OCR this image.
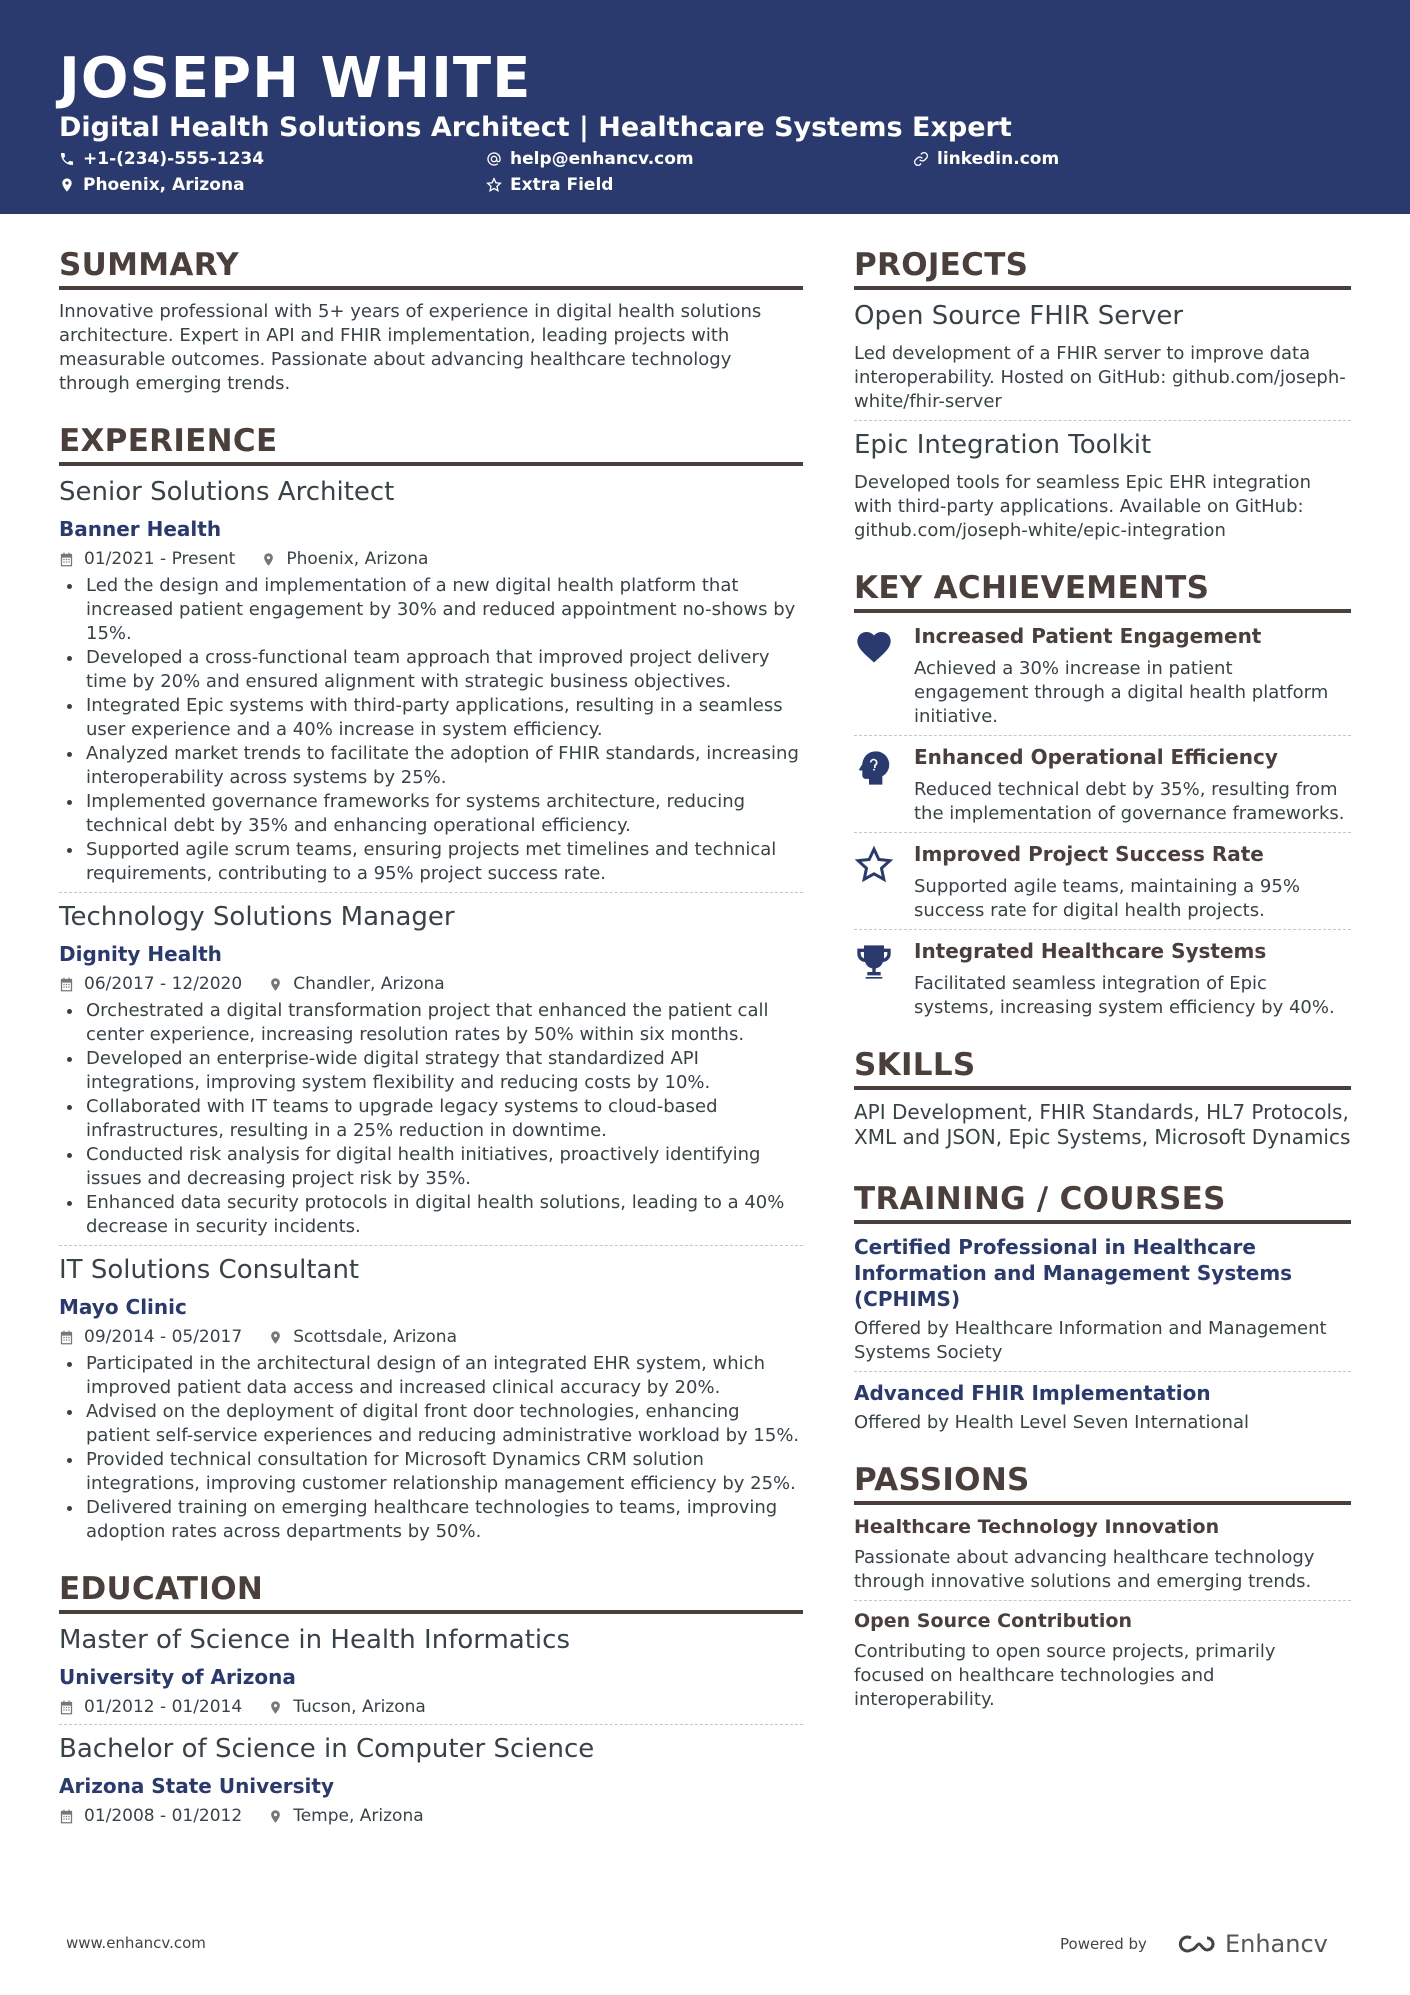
JOSEPH WHITE
Digital Health Solutions Architect | Healthcare Systems Expert
+1-(234)-555-1234	help@enhancv.com	linkedin.com
Phoenix, Arizona	Extra Field
SUMMARY
Innovative professional with 5+ years of experience in digital health solutions architecture. Expert in API and FHIR implementation, leading projects with measurable outcomes. Passionate about advancing healthcare technology through emerging trends.
EXPERIENCE
Senior Solutions Architect
Banner Health
01/2021 - Present	Phoenix, Arizona
Led the design and implementation of a new digital health platform that increased patient engagement by 30% and reduced appointment no-shows by 15%.
Developed a cross-functional team approach that improved project delivery time by 20% and ensured alignment with strategic business objectives.
Integrated Epic systems with third-party applications, resulting in a seamless user experience and a 40% increase in system efficiency.
Analyzed market trends to facilitate the adoption of FHIR standards, increasing interoperability across systems by 25%.
Implemented governance frameworks for systems architecture, reducing technical debt by 35% and enhancing operational efficiency.
Supported agile scrum teams, ensuring projects met timelines and technical requirements, contributing to a 95% project success rate.
Technology Solutions Manager
Dignity Health
06/2017 - 12/2020	Chandler, Arizona
Orchestrated a digital transformation project that enhanced the patient call center experience, increasing resolution rates by 50% within six months.
Developed an enterprise-wide digital strategy that standardized API integrations, improving system flexibility and reducing costs by 10%.
Collaborated with IT teams to upgrade legacy systems to cloud-based infrastructures, resulting in a 25% reduction in downtime.
Conducted risk analysis for digital health initiatives, proactively identifying issues and decreasing project risk by 35%.
Enhanced data security protocols in digital health solutions, leading to a 40% decrease in security incidents.
IT Solutions Consultant
Mayo Clinic
09/2014 - 05/2017	Scottsdale, Arizona
Participated in the architectural design of an integrated EHR system, which improved patient data access and increased clinical accuracy by 20%.
Advised on the deployment of digital front door technologies, enhancing patient self-service experiences and reducing administrative workload by 15%.
Provided technical consultation for Microsoft Dynamics CRM solution integrations, improving customer relationship management efficiency by 25%.
Delivered training on emerging healthcare technologies to teams, improving adoption rates across departments by 50%.
EDUCATION
Master of Science in Health Informatics
University of Arizona
01/2012 - 01/2014	Tucson, Arizona
Bachelor of Science in Computer Science
Arizona State University
01/2008 - 01/2012	Tempe, Arizona
PROJECTS
Open Source FHIR Server
Led development of a FHIR server to improve data interoperability. Hosted on GitHub: github.com/joseph-white/fhir-server
Epic Integration Toolkit
Developed tools for seamless Epic EHR integration with third-party applications. Available on GitHub: github.com/joseph-white/epic-integration
KEY ACHIEVEMENTS
Increased Patient Engagement
Achieved a 30% increase in patient engagement through a digital health platform initiative.
Enhanced Operational Efficiency
Reduced technical debt by 35%, resulting from the implementation of governance frameworks.
Improved Project Success Rate
Supported agile teams, maintaining a 95% success rate for digital health projects.
Integrated Healthcare Systems
Facilitated seamless integration of Epic systems, increasing system efficiency by 40%.
SKILLS
API Development, FHIR Standards, HL7 Protocols, XML and JSON, Epic Systems, Microsoft Dynamics
TRAINING / COURSES
Certified Professional in Healthcare Information and Management Systems (CPHIMS)
Offered by Healthcare Information and Management Systems Society
Advanced FHIR Implementation
Offered by Health Level Seven International
PASSIONS
Healthcare Technology Innovation
Passionate about advancing healthcare technology through innovative solutions and emerging trends.
Open Source Contribution
Contributing to open source projects, primarily focused on healthcare technologies and interoperability.
www.enhancv.com	Powered by	Enhancv
